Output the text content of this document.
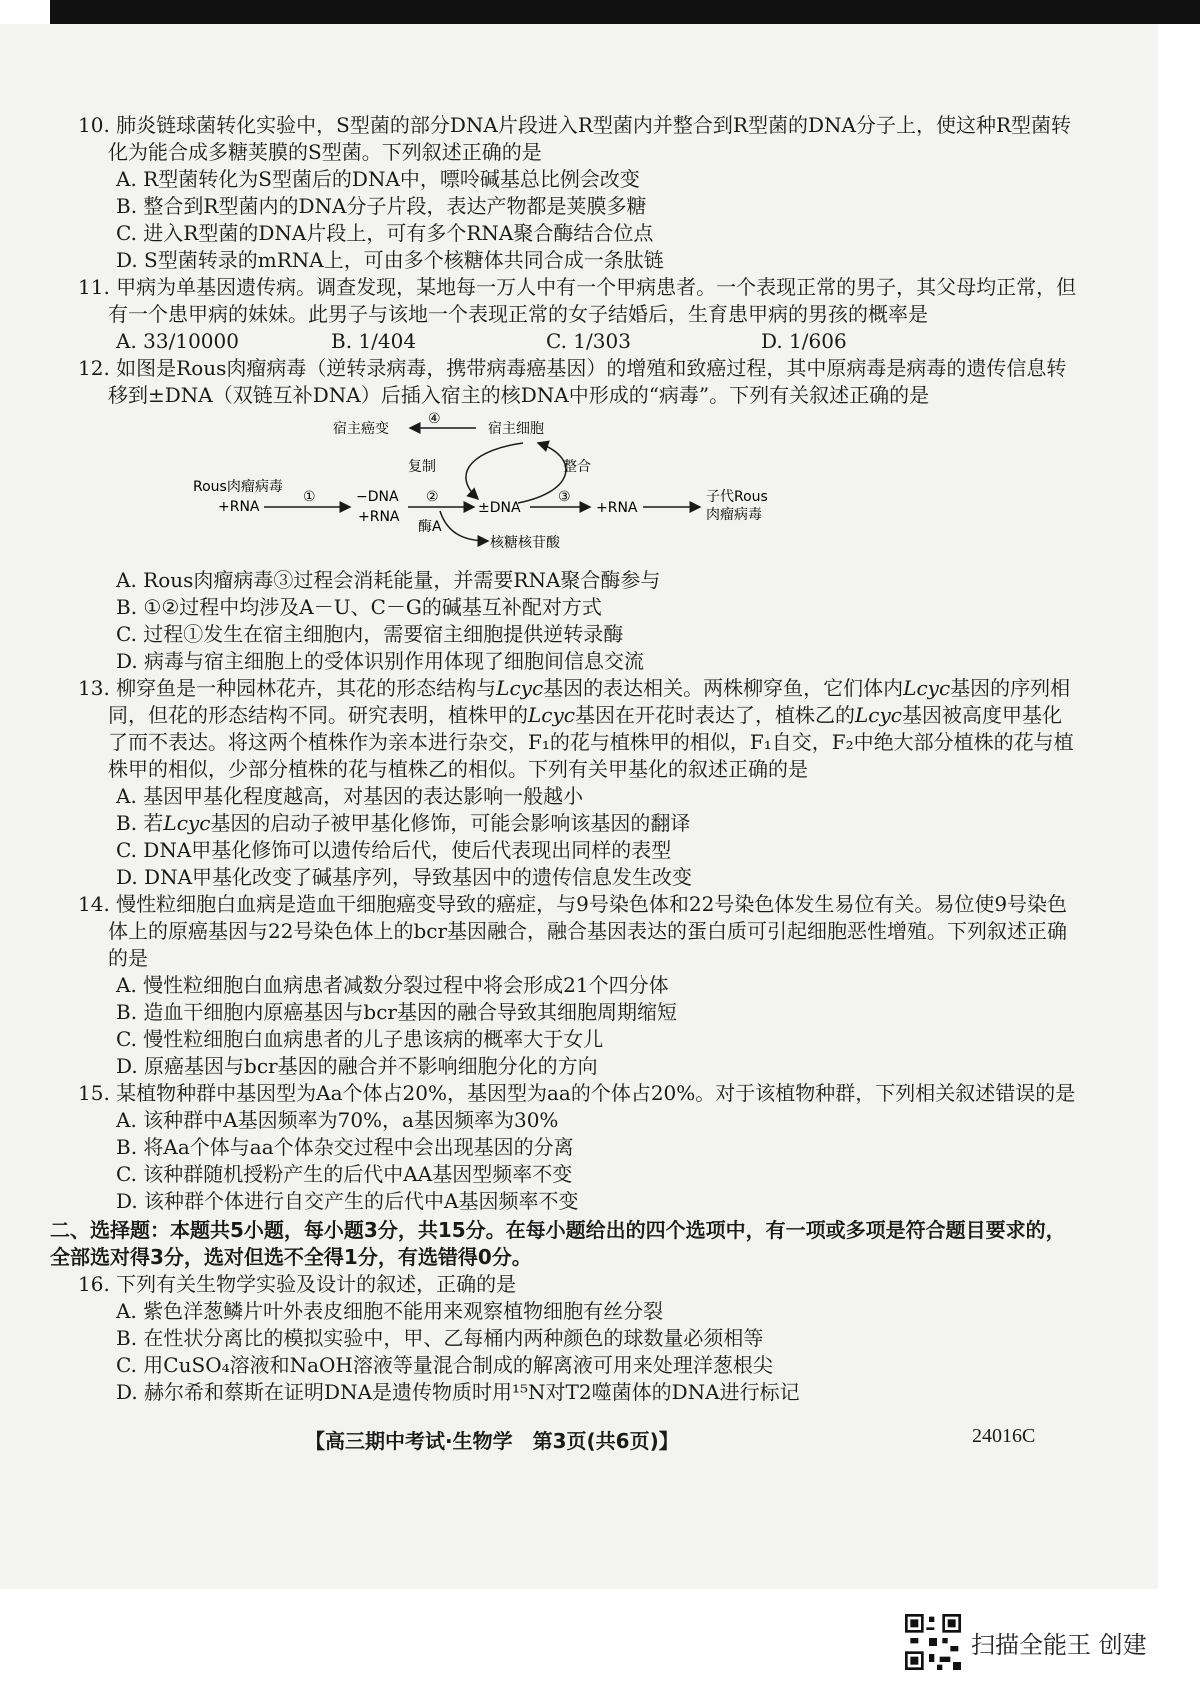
10. 肺炎链球菌转化实验中，S型菌的部分DNA片段进入R型菌内并整合到R型菌的DNA分子上，使这种R型菌转化为能合成多糖荚膜的S型菌。下列叙述正确的是

A. R型菌转化为S型菌后的DNA中，嘌呤碱基总比例会改变

B. 整合到R型菌内的DNA分子片段，表达产物都是荚膜多糖

C. 进入R型菌的DNA片段上，可有多个RNA聚合酶结合位点

D. S型菌转录的mRNA上，可由多个核糖体共同合成一条肽链

11. 甲病为单基因遗传病。调查发现，某地每一万人中有一个甲病患者。一个表现正常的男子，其父母均正常，但有一个患甲病的妹妹。此男子与该地一个表现正常的女子结婚后，生育患甲病的男孩的概率是

A. 33/10000	B. 1/404	C. 1/303	D. 1/606

12. 如图是Rous肉瘤病毒（逆转录病毒，携带病毒癌基因）的增殖和致癌过程，其中原病毒是病毒的遗传信息转移到±DNA（双链互补DNA）后插入宿主的核DNA中形成的“病毒”。下列有关叙述正确的是

宿主癌变
④
宿主细胞
复制	整合
Rous肉瘤病毒
+RNA
①	−DNA
+RNA
②
酶A
核糖核苷酸
±DNA
③
+RNA
子代Rous
肉瘤病毒

A. Rous肉瘤病毒③过程会消耗能量，并需要RNA聚合酶参与

B. ①②过程中均涉及A－U、C－G的碱基互补配对方式

C. 过程①发生在宿主细胞内，需要宿主细胞提供逆转录酶

D. 病毒与宿主细胞上的受体识别作用体现了细胞间信息交流

13. 柳穿鱼是一种园林花卉，其花的形态结构与Lcyc基因的表达相关。两株柳穿鱼，它们体内Lcyc基因的序列相同，但花的形态结构不同。研究表明，植株甲的Lcyc基因在开花时表达了，植株乙的Lcyc基因被高度甲基化了而不表达。将这两个植株作为亲本进行杂交，F₁的花与植株甲的相似，F₁自交，F₂中绝大部分植株的花与植株甲的相似，少部分植株的花与植株乙的相似。下列有关甲基化的叙述正确的是

A. 基因甲基化程度越高，对基因的表达影响一般越小

B. 若Lcyc基因的启动子被甲基化修饰，可能会影响该基因的翻译

C. DNA甲基化修饰可以遗传给后代，使后代表现出同样的表型

D. DNA甲基化改变了碱基序列，导致基因中的遗传信息发生改变

14. 慢性粒细胞白血病是造血干细胞癌变导致的癌症，与9号染色体和22号染色体发生易位有关。易位使9号染色体上的原癌基因与22号染色体上的bcr基因融合，融合基因表达的蛋白质可引起细胞恶性增殖。下列叙述正确的是

A. 慢性粒细胞白血病患者减数分裂过程中将会形成21个四分体

B. 造血干细胞内原癌基因与bcr基因的融合导致其细胞周期缩短

C. 慢性粒细胞白血病患者的儿子患该病的概率大于女儿

D. 原癌基因与bcr基因的融合并不影响细胞分化的方向

15. 某植物种群中基因型为Aa个体占20%，基因型为aa的个体占20%。对于该植物种群，下列相关叙述错误的是

A. 该种群中A基因频率为70%，a基因频率为30%

B. 将Aa个体与aa个体杂交过程中会出现基因的分离

C. 该种群随机授粉产生的后代中AA基因型频率不变

D. 该种群个体进行自交产生的后代中A基因频率不变

二、选择题：本题共5小题，每小题3分，共15分。在每小题给出的四个选项中，有一项或多项是符合题目要求的，全部选对得3分，选对但选不全得1分，有选错得0分。

16. 下列有关生物学实验及设计的叙述，正确的是

A. 紫色洋葱鳞片叶外表皮细胞不能用来观察植物细胞有丝分裂

B. 在性状分离比的模拟实验中，甲、乙每桶内两种颜色的球数量必须相等

C. 用CuSO₄溶液和NaOH溶液等量混合制成的解离液可用来处理洋葱根尖

D. 赫尔希和蔡斯在证明DNA是遗传物质时用¹⁵N对T2噬菌体的DNA进行标记

【高三期中考试·生物学　第3页(共6页)】	24016C
扫描全能王 创建
